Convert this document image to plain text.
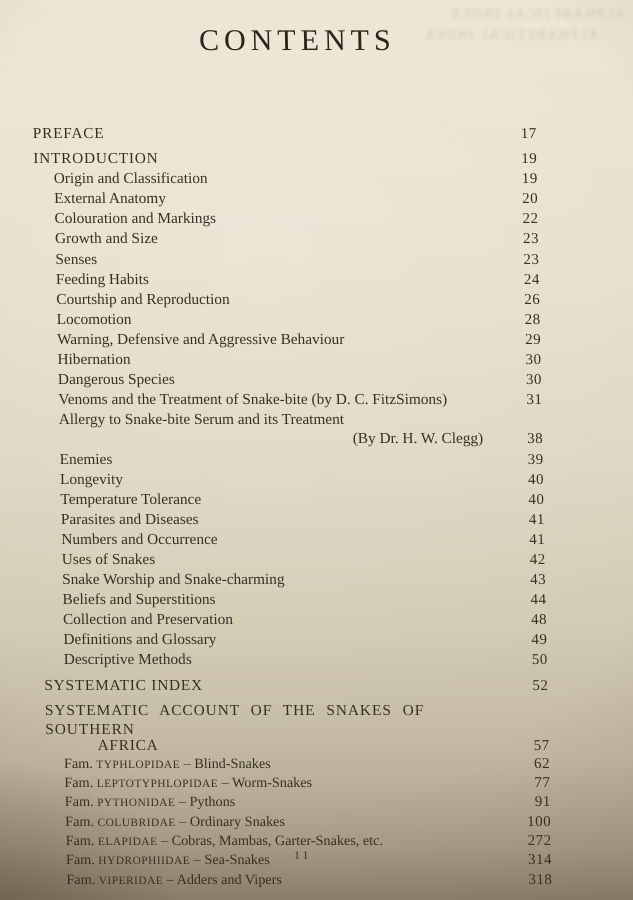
ALPHABETICAL INDEX
ALPHABETICAL INDEX
CONTENTS
PREFACE	17
INTRODUCTION	19
Origin and Classification	19
External Anatomy	20
Colouration and Markings	22
Growth and Size	23
Senses	23
Feeding Habits	24
Courtship and Reproduction	26
Locomotion	28
Warning, Defensive and Aggressive Behaviour	29
Hibernation	30
Dangerous Species	30
Venoms and the Treatment of Snake-bite (by D. C. FitzSimons)	31
Allergy to Snake-bite Serum and its Treatment
(By Dr. H. W. Clegg)	38
Enemies	39
Longevity	40
Temperature Tolerance	40
Parasites and Diseases	41
Numbers and Occurrence	41
Uses of Snakes	42
Snake Worship and Snake-charming	43
Beliefs and Superstitions	44
Collection and Preservation	48
Definitions and Glossary	49
Descriptive Methods	50
SYSTEMATIC INDEX	52
SYSTEMATIC ACCOUNT OF THE SNAKES OF SOUTHERN
AFRICA	57
Fam. TYPHLOPIDAE – Blind-Snakes	62
Fam. LEPTOTYPHLOPIDAE – Worm-Snakes	77
Fam. PYTHONIDAE – Pythons	91
Fam. COLUBRIDAE – Ordinary Snakes	100
Fam. ELAPIDAE – Cobras, Mambas, Garter-Snakes, etc.	272
Fam. HYDROPHIIDAE – Sea-Snakes	314
Fam. VIPERIDAE – Adders and Vipers	318
11
